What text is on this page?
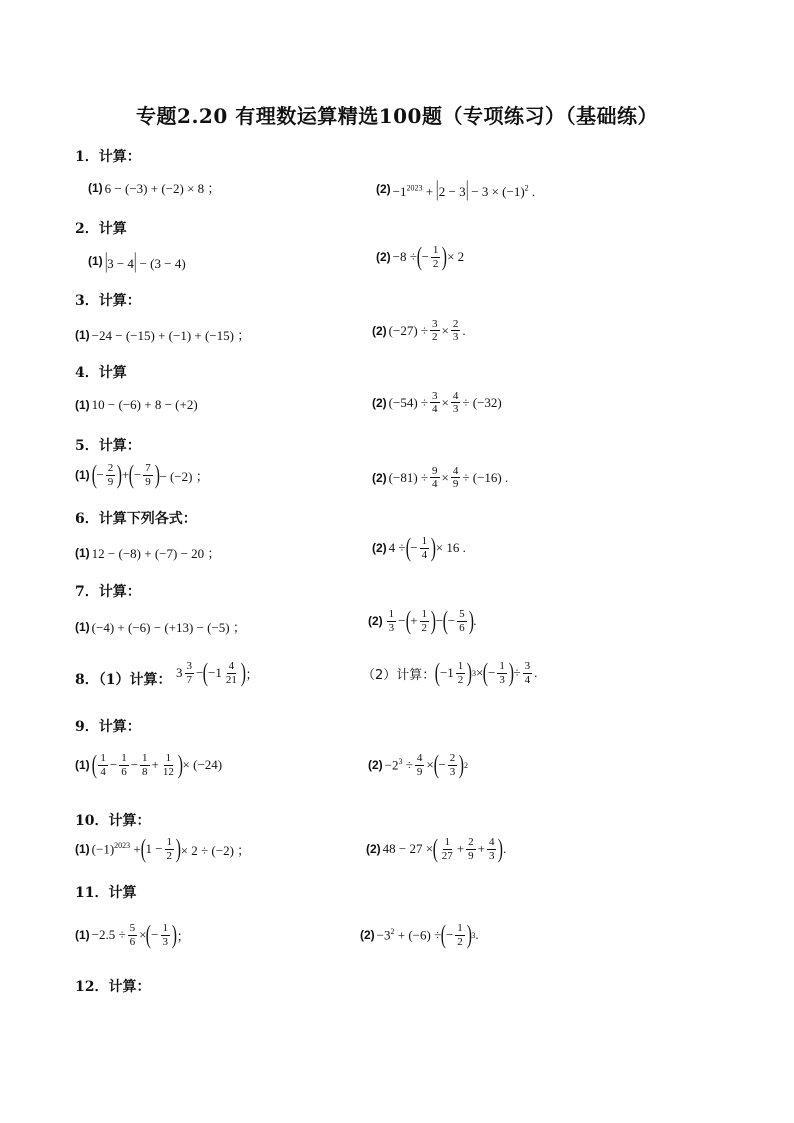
专题2.20 有理数运算精选100题（专项练习）（基础练）
1．计算：
(1) 6 − (−3) + (−2) × 8 ；	$(2) -1^{2023} + |2 - 3| - 3 \times (-1)^2$ .
2．计算
(1) |3 − 4| − (3 − 4)	(2) −8 ÷ ( − $\frac{1}{2}$ ) × 2
3．计算：
(1) −24 − (−15) + (−1) + (−15) ；	(2) $(-27) \div \frac{3}{2} \times \frac{2}{3}$ .
4．计算
(1) 10 − (−6) + 8 − (+2)	(2) $(-54) \div \frac{3}{4} \times \frac{4}{3} \div (-32)$
5．计算：
(1) ( − $\frac{2}{9}$ ) + ( − $\frac{7}{9}$ ) − (−2) ；	(2) $(-81) \div \frac{9}{4} \times \frac{4}{9} \div (-16)$ .
6．计算下列各式：
(1) 12 − (−8) + (−7) − 20 ；	(2) 4 ÷ ( − $\frac{1}{4}$ ) × 16 .
7．计算：
(1) (−4) + (−6) − (+13) − (−5) ；	$(2) \frac{1}{3}$ − ( + $\frac{1}{2}$ ) − ( − $\frac{5}{6}$ ) .
8．（1）计算： $3 \frac{3}{7}$ − ( $-1 \frac{4}{21}$ ) ；	（2）计算： ( $-1 \frac{1}{2}$ ) 3 × ( − $\frac{1}{3}$ ) ÷ $\frac{3}{4}$ .
9．计算：
(1) ( $\frac{1}{4} - \frac{1}{6} - \frac{1}{8} + \frac{1}{12}$ ) × (−24)	$(2) -2^3 \div \frac{4}{9}$ × ( − $\frac{2}{3}$ ) 2
10．计算：
(1) $(-1)^{2023}$ + ( $1 - \frac{1}{2}$ ) × 2 ÷ (−2) ；	(2) 48 − 27 × ( $\frac{1}{27} + \frac{2}{9} + \frac{4}{3}$ ) .
11．计算
$(1) -2.5 \div \frac{5}{6}$ × ( − $\frac{1}{3}$ ) ；	$(2) -3^2 + (-6)$ ÷ ( − $\frac{1}{2}$ ) 3 .
12．计算：
